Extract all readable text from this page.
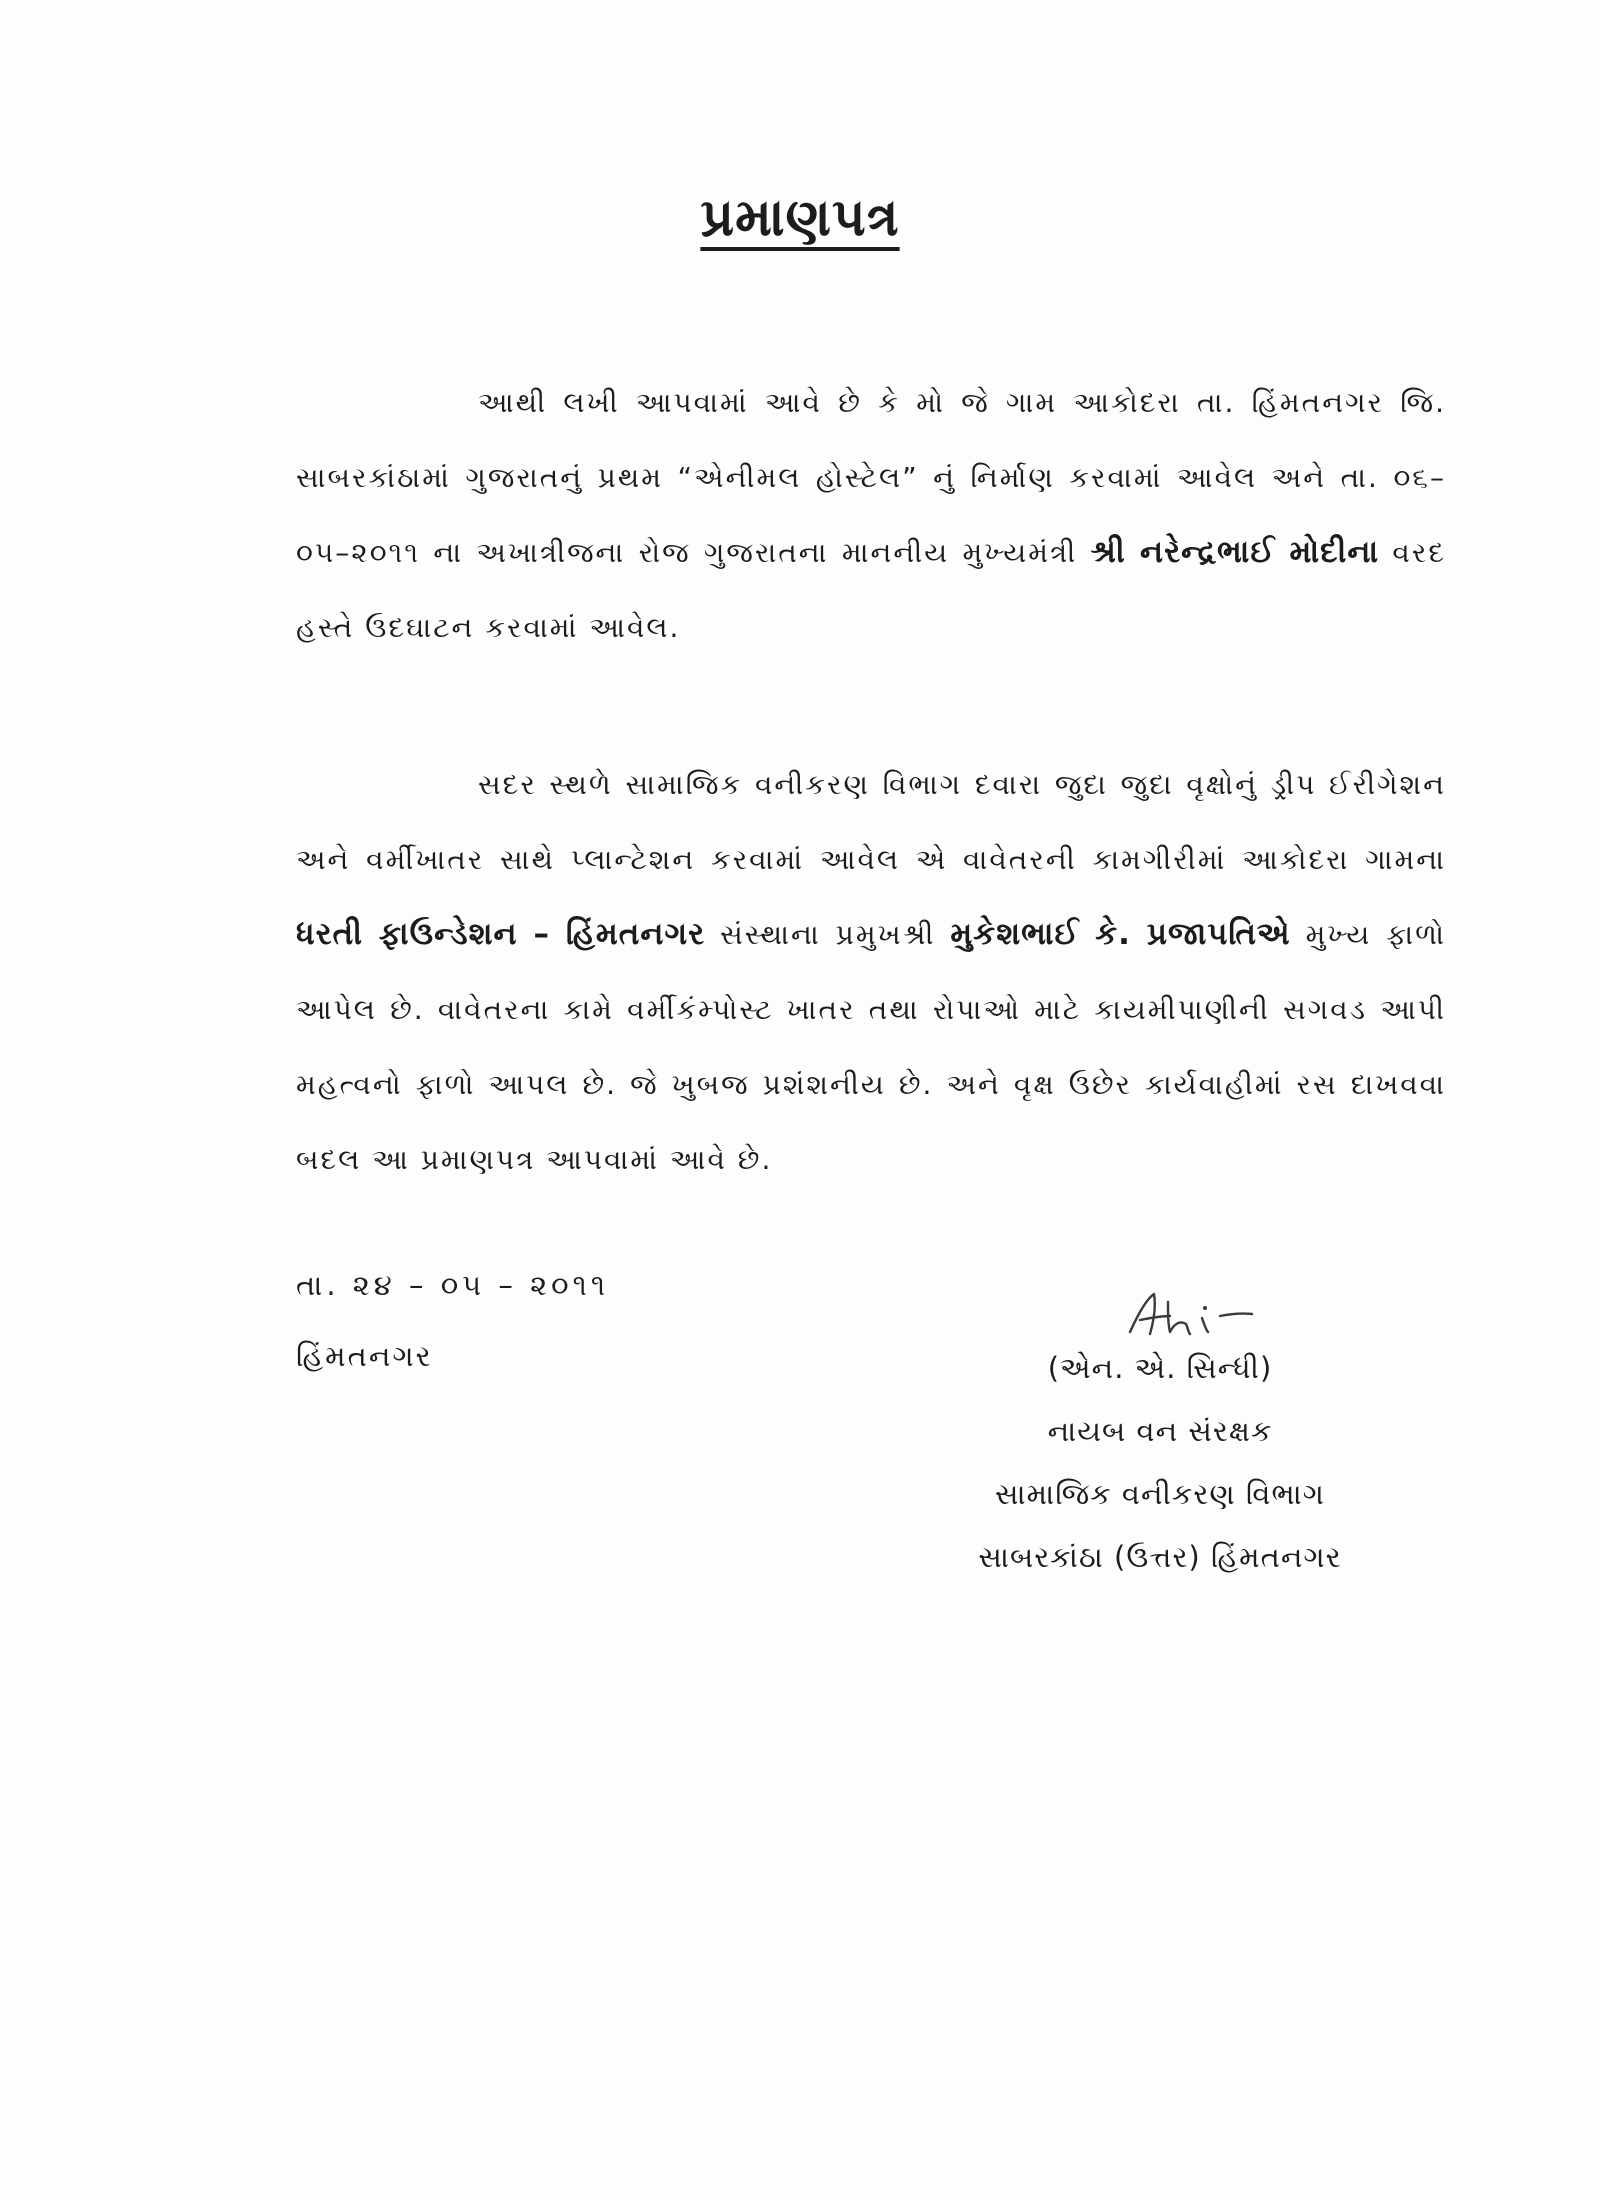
પ્રમાણપત્ર
આથી લખી આપવામાં આવે છે કે મો જે ગામ આકોદરા તા. હિંમતનગર જિ. સાબરકાંઠામાં ગુજરાતનું પ્રથમ “એનીમલ હોસ્ટેલ” નું નિર્માણ કરવામાં આવેલ અને તા. ૦૬–૦૫–૨૦૧૧ ના અખાત્રીજના રોજ ગુજરાતના માનનીય મુખ્યમંત્રી શ્રી નરેન્દ્રભાઈ મોદીના વરદ હસ્તે ઉદઘાટન કરવામાં આવેલ.
સદર સ્થળે સામાજિક વનીકરણ વિભાગ દવારા જુદા જુદા વૃક્ષોનું ડ્રીપ ઈરીગેશન અને વર્મીખાતર સાથે પ્લાન્ટેશન કરવામાં આવેલ એ વાવેતરની કામગીરીમાં આકોદરા ગામના ધરતી ફાઉન્ડેશન – હિંમતનગર સંસ્થાના પ્રમુખશ્રી મુકેશભાઈ કે. પ્રજાપતિએ મુખ્ય ફાળો આપેલ છે. વાવેતરના કામે વર્મીકંમ્પોસ્ટ ખાતર તથા રોપાઓ માટે કાયમીપાણીની સગવડ આપી મહત્વનો ફાળો આપલ છે. જે ખુબજ પ્રશંશનીય છે. અને વૃક્ષ ઉછેર કાર્યવાહીમાં રસ દાખવવા બદલ આ પ્રમાણપત્ર આપવામાં આવે છે.
તા. ૨૪ – ૦૫ – ૨૦૧૧
હિંમતનગર	(એન. એ. સિન્ધી)
નાયબ વન સંરક્ષક
સામાજિક વનીકરણ વિભાગ
સાબરકાંઠા (ઉત્તર) હિંમતનગર
